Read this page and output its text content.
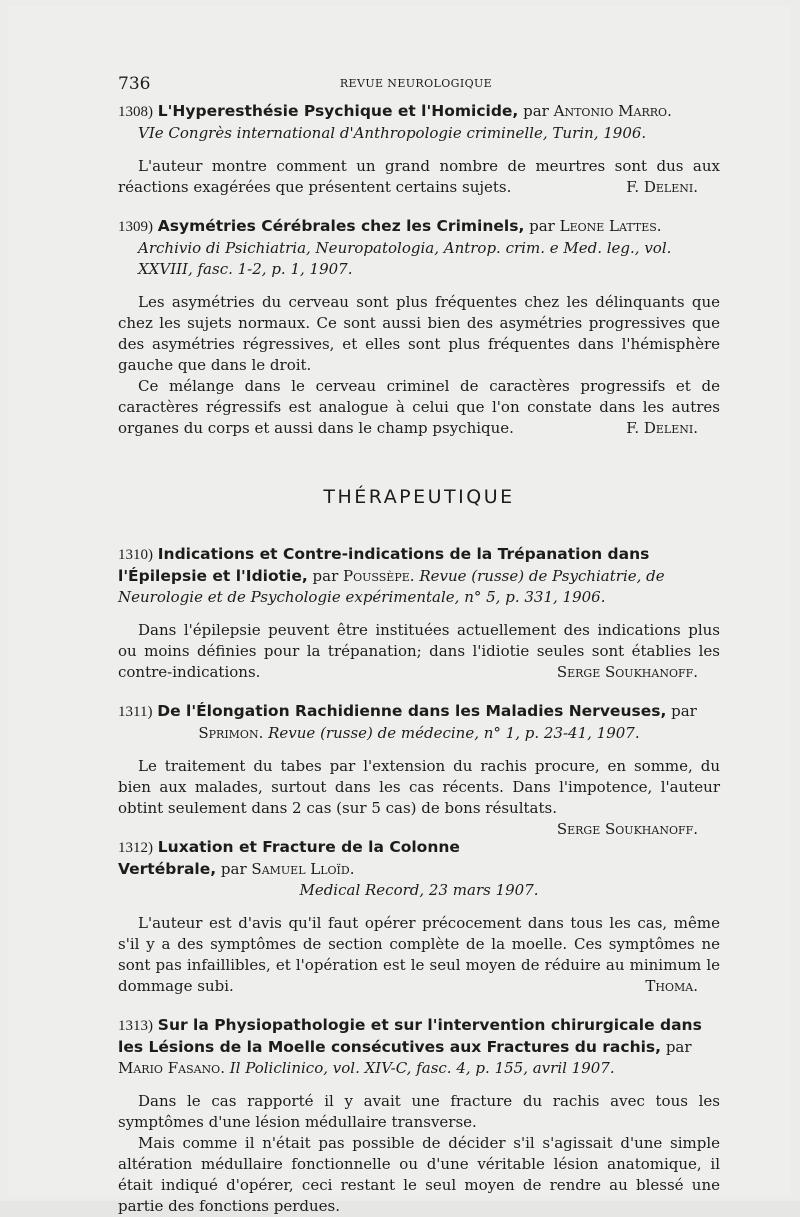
736	REVUE NEUROLOGIQUE

1308) L'Hyperesthésie Psychique et l'Homicide, par Antonio Marro.

VIe Congrès international d'Anthropologie criminelle, Turin, 1906.

L'auteur montre comment un grand nombre de meurtres sont dus aux réactions exagérées que présentent certains sujets.	F. Deleni.

1309) Asymétries Cérébrales chez les Criminels, par Leone Lattes.

Archivio di Psichiatria, Neuropatologia, Antrop. crim. e Med. leg., vol. XXVIII, fasc. 1-2, p. 1, 1907.

Les asymétries du cerveau sont plus fréquentes chez les délinquants que chez les sujets normaux. Ce sont aussi bien des asymétries progressives que des asymétries régressives, et elles sont plus fréquentes dans l'hémisphère gauche que dans le droit.

Ce mélange dans le cerveau criminel de caractères progressifs et de caractères régressifs est analogue à celui que l'on constate dans les autres organes du corps et aussi dans le champ psychique.	F. Deleni.

THÉRAPEUTIQUE

1310) Indications et Contre-indications de la Trépanation dans l'Épilepsie et l'Idiotie, par Poussèpe. Revue (russe) de Psychiatrie, de Neurologie et de Psychologie expérimentale, n° 5, p. 331, 1906.

Dans l'épilepsie peuvent être instituées actuellement des indications plus ou moins définies pour la trépanation; dans l'idiotie seules sont établies les contre-indications.	Serge Soukhanoff.

1311) De l'Élongation Rachidienne dans les Maladies Nerveuses, par

Sprimon. Revue (russe) de médecine, n° 1, p. 23-41, 1907.

Le traitement du tabes par l'extension du rachis procure, en somme, du bien aux malades, surtout dans les cas récents. Dans l'impotence, l'auteur obtint seulement dans 2 cas (sur 5 cas) de bons résultats.
Serge Soukhanoff.

1312) Luxation et Fracture de la Colonne Vertébrale, par Samuel Lloïd.

Medical Record, 23 mars 1907.

L'auteur est d'avis qu'il faut opérer précocement dans tous les cas, même s'il y a des symptômes de section complète de la moelle. Ces symptômes ne sont pas infaillibles, et l'opération est le seul moyen de réduire au minimum le dommage subi.	Thoma.

1313) Sur la Physiopathologie et sur l'intervention chirurgicale dans les Lésions de la Moelle consécutives aux Fractures du rachis, par Mario Fasano. Il Policlinico, vol. XIV-C, fasc. 4, p. 155, avril 1907.

Dans le cas rapporté il y avait une fracture du rachis avec tous les symptômes d'une lésion médullaire transverse.

Mais comme il n'était pas possible de décider s'il s'agissait d'une simple altération médullaire fonctionnelle ou d'une véritable lésion anatomique, il était indiqué d'opérer, ceci restant le seul moyen de rendre au blessé une partie des fonctions perdues.
